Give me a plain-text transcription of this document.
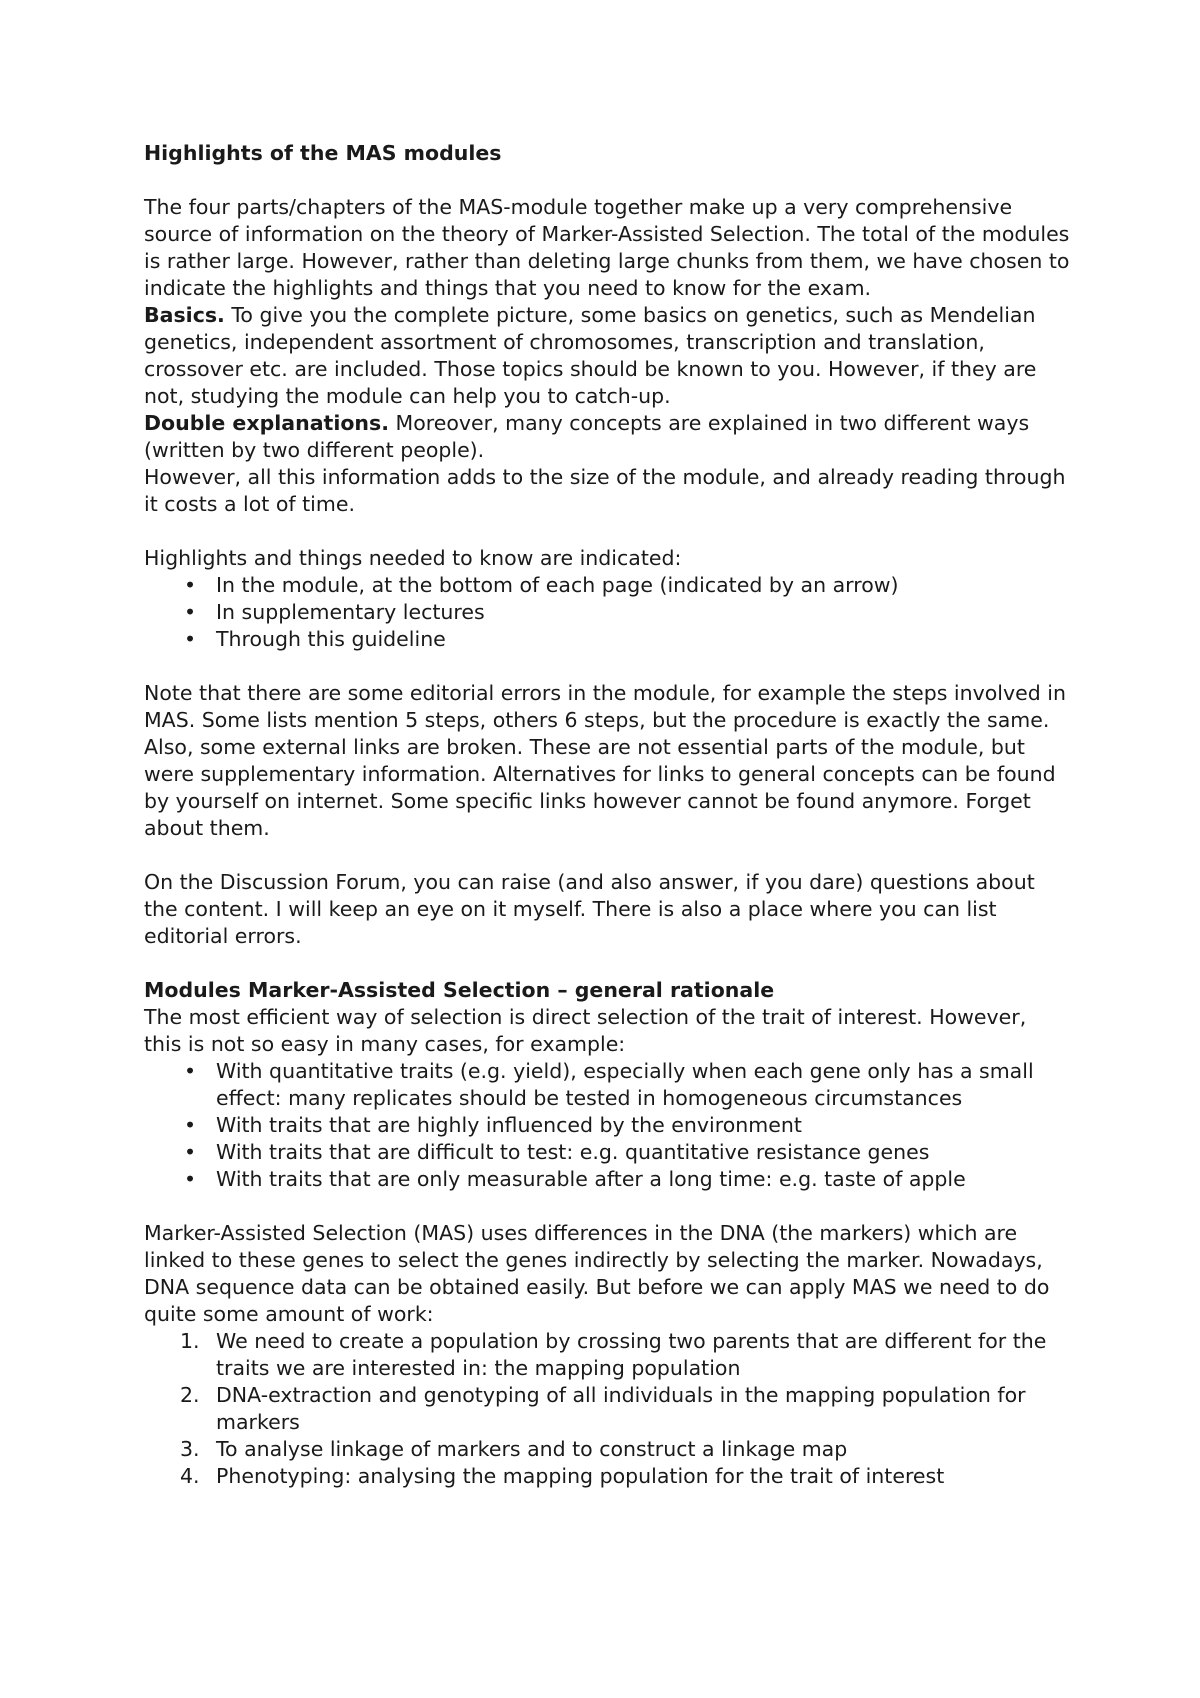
Highlights of the MAS modules

The four parts/chapters of the MAS-module together make up a very comprehensive source of information on the theory of Marker-Assisted Selection. The total of the modules is rather large. However, rather than deleting large chunks from them, we have chosen to indicate the highlights and things that you need to know for the exam.

Basics. To give you the complete picture, some basics on genetics, such as Mendelian genetics, independent assortment of chromosomes, transcription and translation, crossover etc. are included. Those topics should be known to you. However, if they are not, studying the module can help you to catch-up.

Double explanations. Moreover, many concepts are explained in two different ways (written by two different people).

However, all this information adds to the size of the module, and already reading through it costs a lot of time.

Highlights and things needed to know are indicated:

• In the module, at the bottom of each page (indicated by an arrow)
• In supplementary lectures
• Through this guideline

Note that there are some editorial errors in the module, for example the steps involved in MAS. Some lists mention 5 steps, others 6 steps, but the procedure is exactly the same. Also, some external links are broken. These are not essential parts of the module, but were supplementary information. Alternatives for links to general concepts can be found by yourself on internet. Some specific links however cannot be found anymore. Forget about them.

On the Discussion Forum, you can raise (and also answer, if you dare) questions about the content. I will keep an eye on it myself. There is also a place where you can list editorial errors.

Modules Marker-Assisted Selection – general rationale

The most efficient way of selection is direct selection of the trait of interest. However, this is not so easy in many cases, for example:

• With quantitative traits (e.g. yield), especially when each gene only has a small effect: many replicates should be tested in homogeneous circumstances
• With traits that are highly influenced by the environment
• With traits that are difficult to test: e.g. quantitative resistance genes
• With traits that are only measurable after a long time: e.g. taste of apple

Marker-Assisted Selection (MAS) uses differences in the DNA (the markers) which are linked to these genes to select the genes indirectly by selecting the marker. Nowadays, DNA sequence data can be obtained easily. But before we can apply MAS we need to do quite some amount of work:

1. We need to create a population by crossing two parents that are different for the traits we are interested in: the mapping population
2. DNA-extraction and genotyping of all individuals in the mapping population for markers
3. To analyse linkage of markers and to construct a linkage map
4. Phenotyping: analysing the mapping population for the trait of interest
